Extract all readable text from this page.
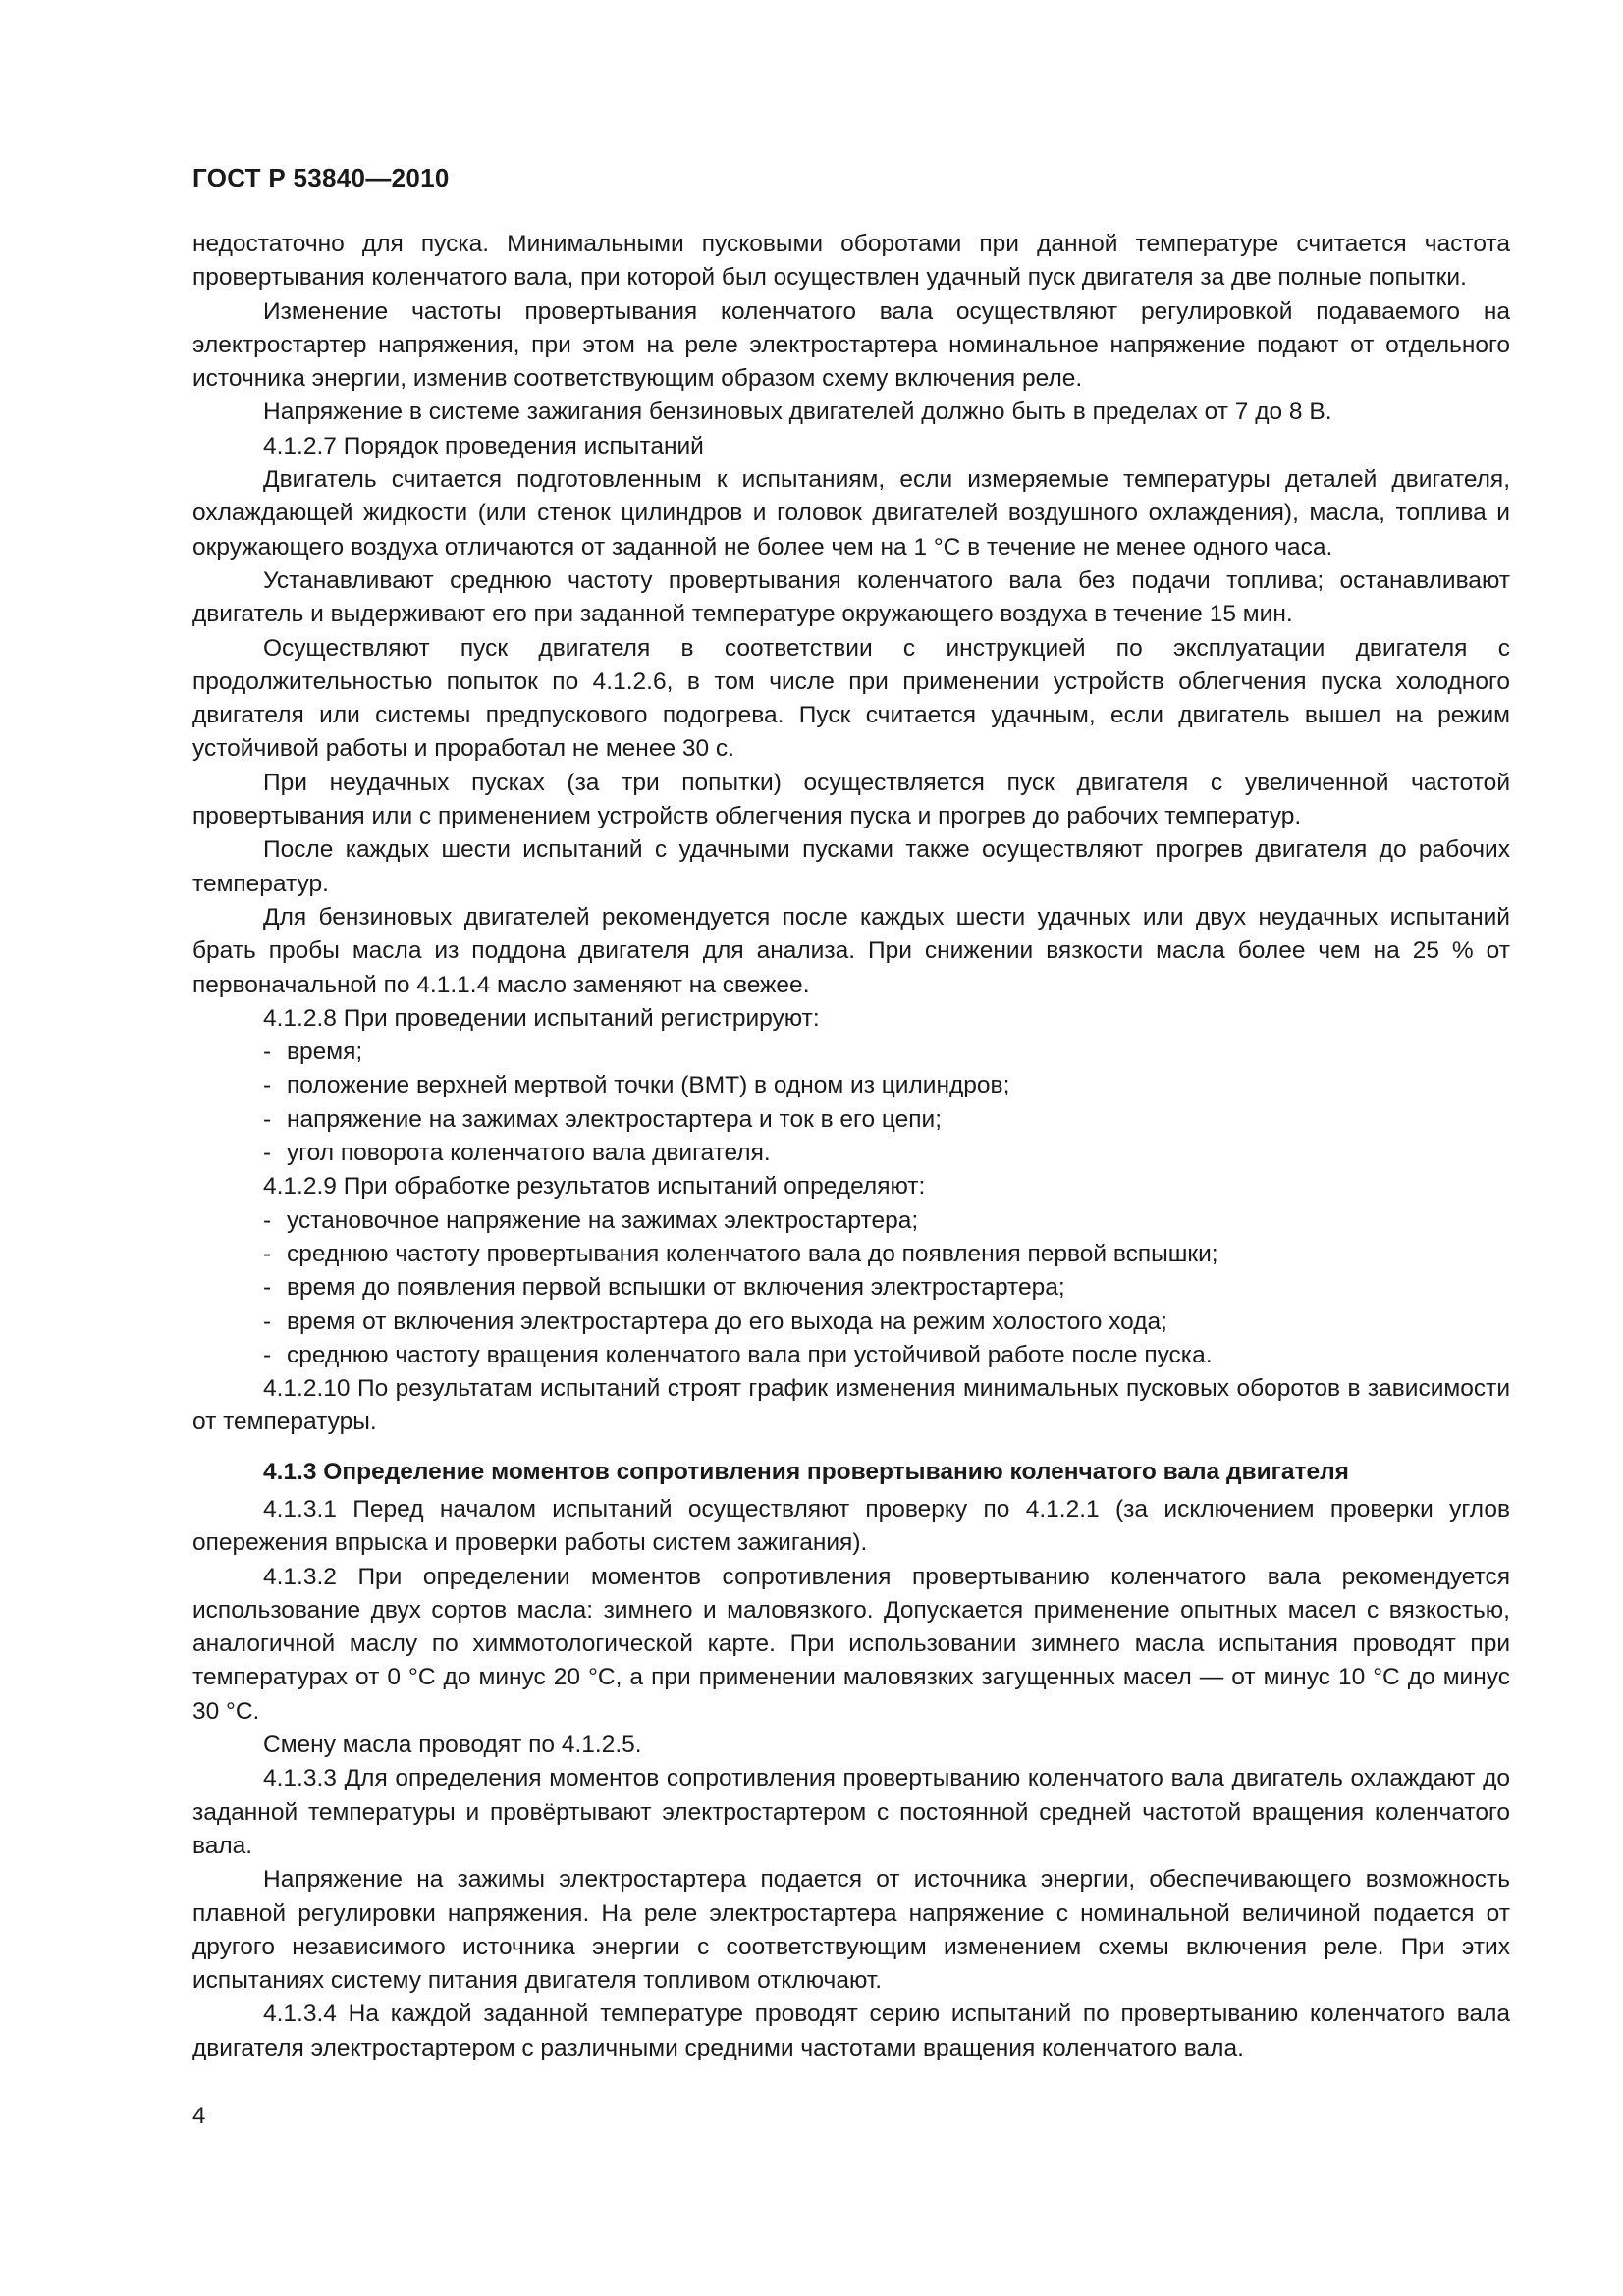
ГОСТ Р 53840—2010

недостаточно для пуска. Минимальными пусковыми оборотами при данной температуре считается частота провертывания коленчатого вала, при которой был осуществлен удачный пуск двигателя за две полные попытки.

Изменение частоты провертывания коленчатого вала осуществляют регулировкой подаваемого на электростартер напряжения, при этом на реле электростартера номинальное напряжение подают от отдельного источника энергии, изменив соответствующим образом схему включения реле.

Напряжение в системе зажигания бензиновых двигателей должно быть в пределах от 7 до 8 В.

4.1.2.7 Порядок проведения испытаний

Двигатель считается подготовленным к испытаниям, если измеряемые температуры деталей двигателя, охлаждающей жидкости (или стенок цилиндров и головок двигателей воздушного охлаждения), масла, топлива и окружающего воздуха отличаются от заданной не более чем на 1 °С в течение не менее одного часа.

Устанавливают среднюю частоту провертывания коленчатого вала без подачи топлива; останавливают двигатель и выдерживают его при заданной температуре окружающего воздуха в течение 15 мин.

Осуществляют пуск двигателя в соответствии с инструкцией по эксплуатации двигателя с продолжительностью попыток по 4.1.2.6, в том числе при применении устройств облегчения пуска холодного двигателя или системы предпускового подогрева. Пуск считается удачным, если двигатель вышел на режим устойчивой работы и проработал не менее 30 с.

При неудачных пусках (за три попытки) осуществляется пуск двигателя с увеличенной частотой провертывания или с применением устройств облегчения пуска и прогрев до рабочих температур.

После каждых шести испытаний с удачными пусками также осуществляют прогрев двигателя до рабочих температур.

Для бензиновых двигателей рекомендуется после каждых шести удачных или двух неудачных испытаний брать пробы масла из поддона двигателя для анализа. При снижении вязкости масла более чем на 25 % от первоначальной по 4.1.1.4 масло заменяют на свежее.

4.1.2.8 При проведении испытаний регистрируют:

- время;

- положение верхней мертвой точки (ВМТ) в одном из цилиндров;

- напряжение на зажимах электростартера и ток в его цепи;

- угол поворота коленчатого вала двигателя.

4.1.2.9 При обработке результатов испытаний определяют:

- установочное напряжение на зажимах электростартера;

- среднюю частоту провертывания коленчатого вала до появления первой вспышки;

- время до появления первой вспышки от включения электростартера;

- время от включения электростартера до его выхода на режим холостого хода;

- среднюю частоту вращения коленчатого вала при устойчивой работе после пуска.

4.1.2.10 По результатам испытаний строят график изменения минимальных пусковых оборотов в зависимости от температуры.

4.1.3 Определение моментов сопротивления провертыванию коленчатого вала двигателя

4.1.3.1 Перед началом испытаний осуществляют проверку по 4.1.2.1 (за исключением проверки углов опережения впрыска и проверки работы систем зажигания).

4.1.3.2 При определении моментов сопротивления провертыванию коленчатого вала рекомендуется использование двух сортов масла: зимнего и маловязкого. Допускается применение опытных масел с вязкостью, аналогичной маслу по химмотологической карте. При использовании зимнего масла испытания проводят при температурах от 0 °С до минус 20 °С, а при применении маловязких загущенных масел — от минус 10 °С до минус 30 °С.

Смену масла проводят по 4.1.2.5.

4.1.3.3 Для определения моментов сопротивления провертыванию коленчатого вала двигатель охлаждают до заданной температуры и провёртывают электростартером с постоянной средней частотой вращения коленчатого вала.

Напряжение на зажимы электростартера подается от источника энергии, обеспечивающего возможность плавной регулировки напряжения. На реле электростартера напряжение с номинальной величиной подается от другого независимого источника энергии с соответствующим изменением схемы включения реле. При этих испытаниях систему питания двигателя топливом отключают.

4.1.3.4 На каждой заданной температуре проводят серию испытаний по провертыванию коленчатого вала двигателя электростартером с различными средними частотами вращения коленчатого вала.

4
